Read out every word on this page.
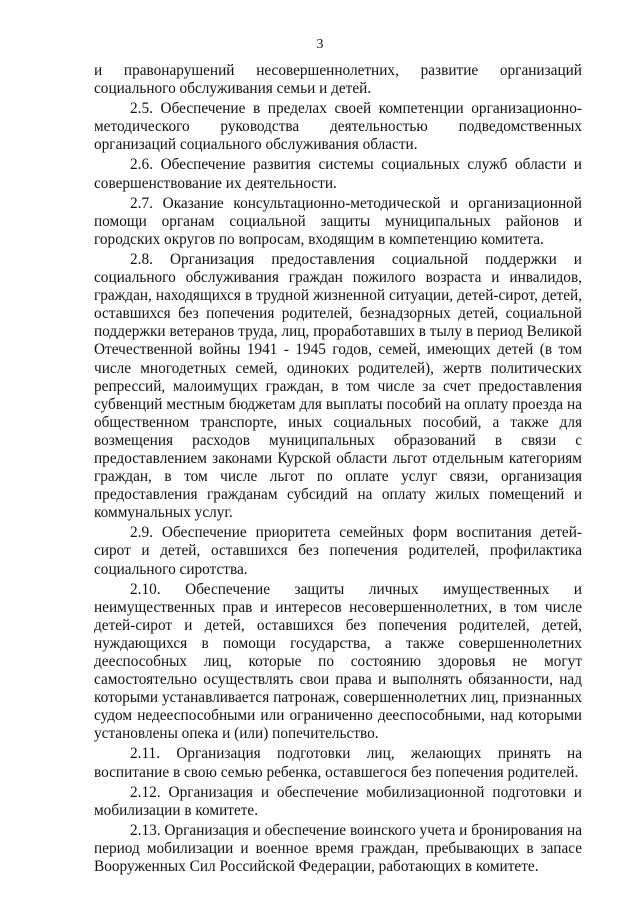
3

и правонарушений несовершеннолетних, развитие организаций социального обслуживания семьи и детей.

2.5. Обеспечение в пределах своей компетенции организационно-методического руководства деятельностью подведомственных организаций социального обслуживания области.

2.6. Обеспечение развития системы социальных служб области и совершенствование их деятельности.

2.7. Оказание консультационно-методической и организационной помощи органам социальной защиты муниципальных районов и городских округов по вопросам, входящим в компетенцию комитета.

2.8. Организация предоставления социальной поддержки и социального обслуживания граждан пожилого возраста и инвалидов, граждан, находящихся в трудной жизненной ситуации, детей-сирот, детей, оставшихся без попечения родителей, безнадзорных детей, социальной поддержки ветеранов труда, лиц, проработавших в тылу в период Великой Отечественной войны 1941 - 1945 годов, семей, имеющих детей (в том числе многодетных семей, одиноких родителей), жертв политических репрессий, малоимущих граждан, в том числе за счет предоставления субвенций местным бюджетам для выплаты пособий на оплату проезда на общественном транспорте, иных социальных пособий, а также для возмещения расходов муниципальных образований в связи с предоставлением законами Курской области льгот отдельным категориям граждан, в том числе льгот по оплате услуг связи, организация предоставления гражданам субсидий на оплату жилых помещений и коммунальных услуг.

2.9. Обеспечение приоритета семейных форм воспитания детей-сирот и детей, оставшихся без попечения родителей, профилактика социального сиротства.

2.10. Обеспечение защиты личных имущественных и неимущественных прав и интересов несовершеннолетних, в том числе детей-сирот и детей, оставшихся без попечения родителей, детей, нуждающихся в помощи государства, а также совершеннолетних дееспособных лиц, которые по состоянию здоровья не могут самостоятельно осуществлять свои права и выполнять обязанности, над которыми устанавливается патронаж, совершеннолетних лиц, признанных судом недееспособными или ограниченно дееспособными, над которыми установлены опека и (или) попечительство.

2.11. Организация подготовки лиц, желающих принять на воспитание в свою семью ребенка, оставшегося без попечения родителей.

2.12. Организация и обеспечение мобилизационной подготовки и мобилизации в комитете.

2.13. Организация и обеспечение воинского учета и бронирования на период мобилизации и военное время граждан, пребывающих в запасе Вооруженных Сил Российской Федерации, работающих в комитете.
